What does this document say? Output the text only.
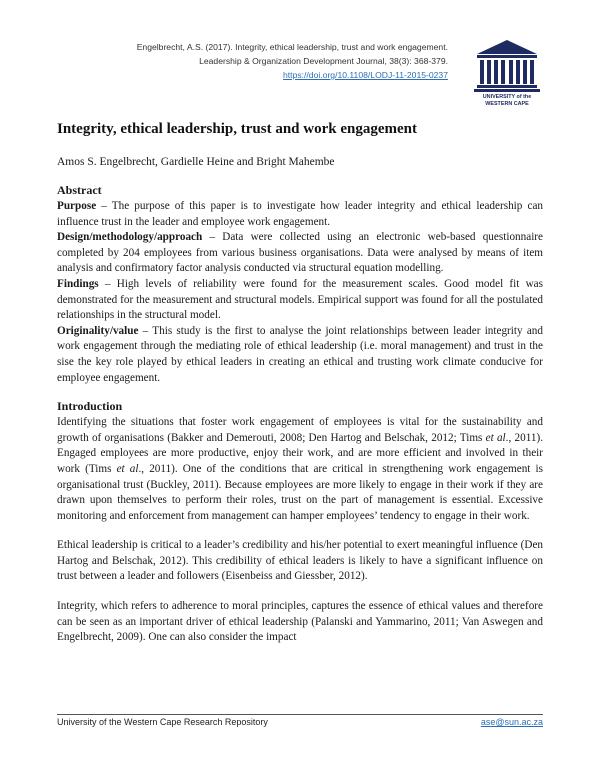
Engelbrecht, A.S. (2017). Integrity, ethical leadership, trust and work engagement.
Leadership & Organization Development Journal, 38(3): 368-379.
https://doi.org/10.1108/LODJ-11-2015-0237
UNIVERSITY of the
WESTERN CAPE
Integrity, ethical leadership, trust and work engagement
Amos S. Engelbrecht, Gardielle Heine and Bright Mahembe
Abstract

Purpose – The purpose of this paper is to investigate how leader integrity and ethical leadership can influence trust in the leader and employee work engagement.

Design/methodology/approach – Data were collected using an electronic web-based questionnaire completed by 204 employees from various business organisations. Data were analysed by means of item analysis and confirmatory factor analysis conducted via structural equation modelling.

Findings – High levels of reliability were found for the measurement scales. Good model fit was demonstrated for the measurement and structural models. Empirical support was found for all the postulated relationships in the structural model.

Originality/value – This study is the first to analyse the joint relationships between leader integrity and work engagement through the mediating role of ethical leadership (i.e. moral management) and trust in the sise the key role played by ethical leaders in creating an ethical and trusting work climate conducive for employee engagement.

Introduction

Identifying the situations that foster work engagement of employees is vital for the sustainability and growth of organisations (Bakker and Demerouti, 2008; Den Hartog and Belschak, 2012; Tims et al., 2011). Engaged employees are more productive, enjoy their work, and are more efficient and involved in their work (Tims et al., 2011). One of the conditions that are critical in strengthening work engagement is organisational trust (Buckley, 2011). Because employees are more likely to engage in their work if they are drawn upon themselves to perform their roles, trust on the part of management is essential. Excessive monitoring and enforcement from management can hamper employees’ tendency to engage in their work.

Ethical leadership is critical to a leader’s credibility and his/her potential to exert meaningful influence (Den Hartog and Belschak, 2012). This credibility of ethical leaders is likely to have a significant influence on trust between a leader and followers (Eisenbeiss and Giessber, 2012).

Integrity, which refers to adherence to moral principles, captures the essence of ethical values and therefore can be seen as an important driver of ethical leadership (Palanski and Yammarino, 2011; Van Aswegen and Engelbrecht, 2009). One can also consider the impact

University of the Western Cape Research Repository	ase@sun.ac.za
